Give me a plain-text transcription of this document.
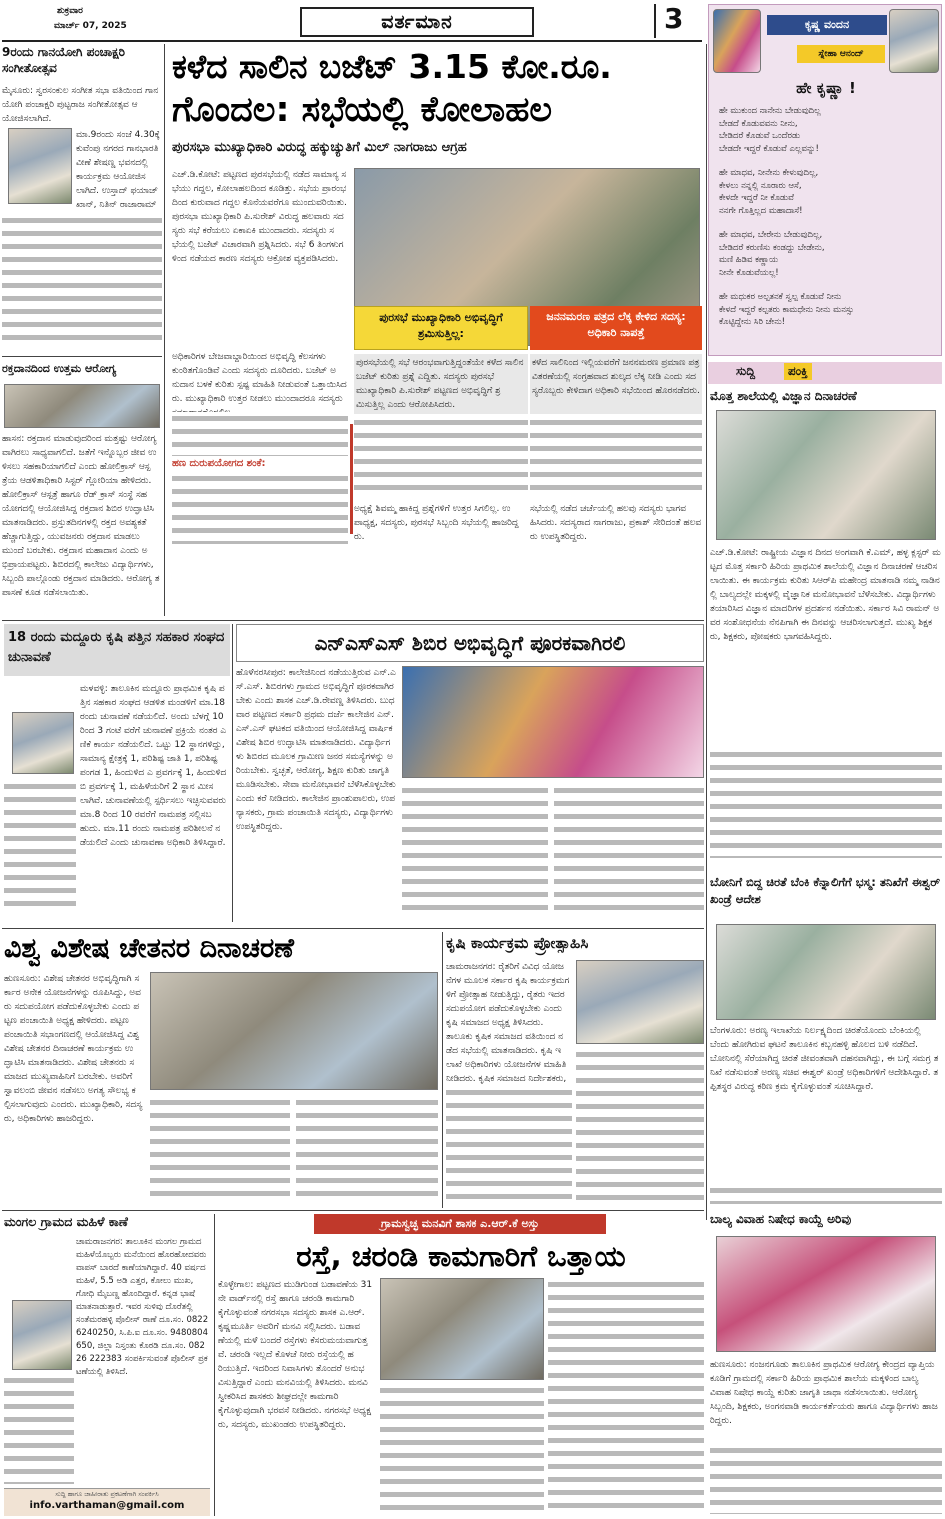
ಶುಕ್ರವಾರ
ಮಾರ್ಚ್ 07, 2025	ವರ್ತಮಾನ	3
9ರಂದು ಗಾನಯೋಗಿ ಪಂಚಾಕ್ಷರಿ ಸಂಗೀತೋತ್ಸವ
ಮೈಸೂರು: ಸ್ವರಸಂಕುಲ ಸಂಗೀತ ಸಭಾ ವತಿಯಿಂದ ಗಾನಯೋಗಿ ಪಂಚಾಕ್ಷರಿ ಪುಟ್ಟರಾಜ ಸಂಗೀತೋತ್ಸವ ಆಯೋಜಿಸಲಾಗಿದೆ.
ಮಾ.9ರಂದು ಸಂಜೆ 4.30ಕ್ಕೆ ಕುವೆಂಪು ನಗರದ ಗಾನಭಾರತಿ ವೀಣೆ ಶೇಷಣ್ಣ ಭವನದಲ್ಲಿ ಕಾರ್ಯಕ್ರಮ ಆಯೋಜಿಸಲಾಗಿದೆ. ಉಸ್ತಾದ್ ಫಯಾಜ್ ಖಾನ್, ನಿತಿನ್ ರಾಜಾರಾಮ್
ರಕ್ತದಾನದಿಂದ ಉತ್ತಮ ಆರೋಗ್ಯ
ಹಾಸನ: ರಕ್ತದಾನ ಮಾಡುವುದರಿಂದ ಮತ್ತಷ್ಟು ಆರೋಗ್ಯವಾಗಿರಲು ಸಾಧ್ಯವಾಗಲಿದೆ. ಜತೆಗೆ ಇನ್ನೊಬ್ಬರ ಜೀವ ಉಳಿಸಲು ಸಹಕಾರಿಯಾಗಲಿದೆ ಎಂದು ಹೋಲಿಕ್ರಾಸ್ ಆಸ್ಪತ್ರೆಯ ಆಡಳಿತಾಧಿಕಾರಿ ಸಿಸ್ಟರ್ ಗ್ಲೋರಿಯಾ ಹೇಳಿದರು. ಹೋಲಿಕ್ರಾಸ್ ಆಸ್ಪತ್ರೆ ಹಾಗೂ ರೆಡ್ ಕ್ರಾಸ್ ಸಂಸ್ಥೆ ಸಹಯೋಗದಲ್ಲಿ ಆಯೋಜಿಸಿದ್ದ ರಕ್ತದಾನ ಶಿಬಿರ ಉದ್ಘಾಟಿಸಿ ಮಾತನಾಡಿದರು. ಪ್ರಸ್ತುತದಿನಗಳಲ್ಲಿ ರಕ್ತದ ಅವಶ್ಯಕತೆ ಹೆಚ್ಚಾಗುತ್ತಿದ್ದು, ಯುವಜನರು ರಕ್ತದಾನ ಮಾಡಲು ಮುಂದೆ ಬರಬೇಕು. ರಕ್ತದಾನ ಮಹಾದಾನ ಎಂದು ಅಭಿಪ್ರಾಯಪಟ್ಟರು. ಶಿಬಿರದಲ್ಲಿ ಕಾಲೇಜು ವಿದ್ಯಾರ್ಥಿಗಳು, ಸಿಬ್ಬಂದಿ ಪಾಲ್ಗೊಂಡು ರಕ್ತದಾನ ಮಾಡಿದರು. ಆರೋಗ್ಯ ತಪಾಸಣೆ ಕೂಡ ನಡೆಸಲಾಯಿತು.
ಕಳೆದ ಸಾಲಿನ ಬಜೆಟ್ 3.15 ಕೋ.ರೂ.
ಗೊಂದಲ: ಸಭೆಯಲ್ಲಿ ಕೋಲಾಹಲ
ಪುರಸಭಾ ಮುಖ್ಯಾಧಿಕಾರಿ ವಿರುದ್ಧ ಹಕ್ಕುಚ್ಯುತಿಗೆ ಮಿಲ್ ನಾಗರಾಜು ಆಗ್ರಹ
ಎಚ್.ಡಿ.ಕೋಟೆ: ಪಟ್ಟಣದ ಪುರಸಭೆಯಲ್ಲಿ ನಡೆದ ಸಾಮಾನ್ಯ ಸಭೆಯು ಗದ್ದಲ, ಕೋಲಾಹಲದಿಂದ ಕೂಡಿತ್ತು. ಸಭೆಯ ಪ್ರಾರಂಭದಿಂದ ಕುರುವಾದ ಗದ್ದಲ ಕೊನೆಯವರೆಗೂ ಮುಂದುವರಿಯಿತು. ಪುರಸಭಾ ಮುಖ್ಯಾಧಿಕಾರಿ ಪಿ.ಸುರೇಶ್ ವಿರುದ್ಧ ಹಲವಾರು ಸದಸ್ಯರು ಸಭೆ ಕರೆಯಲು ಏಕಾಏಕಿ ಮುಂದಾದರು. ಸದಸ್ಯರು ಸಭೆಯಲ್ಲಿ ಬಜೆಟ್ ವಿಚಾರವಾಗಿ ಪ್ರಶ್ನಿಸಿದರು. ಸಭೆ 6 ತಿಂಗಳುಗಳಿಂದ ನಡೆಯದ ಕಾರಣ ಸದಸ್ಯರು ಆಕ್ರೋಶ ವ್ಯಕ್ತಪಡಿಸಿದರು.
ಅಧಿಕಾರಿಗಳ ಬೇಜವಾಬ್ದಾರಿಯಿಂದ ಅಭಿವೃದ್ಧಿ ಕೆಲಸಗಳು ಕುಂಠಿತಗೊಂಡಿವೆ ಎಂದು ಸದಸ್ಯರು ದೂರಿದರು. ಬಜೆಟ್ ಅನುದಾನ ಬಳಕೆ ಕುರಿತು ಸ್ಪಷ್ಟ ಮಾಹಿತಿ ನೀಡುವಂತೆ ಒತ್ತಾಯಿಸಿದರು. ಮುಖ್ಯಾಧಿಕಾರಿ ಉತ್ತರ ನೀಡಲು ಮುಂದಾದರೂ ಸದಸ್ಯರು
ಪುರಸಭೆ ಮುಖ್ಯಾಧಿಕಾರಿ ಅಭಿವೃದ್ಧಿಗೆ ಶ್ರಮಿಸುತ್ತಿಲ್ಲ:
ಜನನಮರಣ ಪತ್ರದ ಲೆಕ್ಕ ಕೇಳಿದ ಸದಸ್ಯ: ಅಧಿಕಾರಿ ನಾಪತ್ತೆ
ಹಣ ದುರುಪಯೋಗದ ಶಂಕೆ:
ಪುರಸಭೆಯಲ್ಲಿ ಸಭೆ ಆರಂಭವಾಗುತ್ತಿದ್ದಂತೆಯೇ ಕಳೆದ ಸಾಲಿನ ಬಜೆಟ್ ಕುರಿತು ಪ್ರಶ್ನೆ ಎದ್ದಿತು. ಸದಸ್ಯರು ಪುರಸಭೆ ಮುಖ್ಯಾಧಿಕಾರಿ ಪಿ.ಸುರೇಶ್ ಪಟ್ಟಣದ ಅಭಿವೃದ್ಧಿಗೆ ಶ್ರಮಿಸುತ್ತಿಲ್ಲ ಎಂದು ಆರೋಪಿಸಿದರು.
ಕಳೆದ ಸಾಲಿನಿಂದ ಇಲ್ಲಿಯವರೆಗೆ ಜನನಮರಣ ಪ್ರಮಾಣ ಪತ್ರ ವಿತರಣೆಯಲ್ಲಿ ಸಂಗ್ರಹವಾದ ಶುಲ್ಕದ ಲೆಕ್ಕ ನೀಡಿ ಎಂದು ಸದಸ್ಯರೊಬ್ಬರು ಕೇಳಿದಾಗ ಅಧಿಕಾರಿ ಸಭೆಯಿಂದ ಹೊರನಡೆದರು.
ಅಧ್ಯಕ್ಷೆ ಶಿವಮ್ಮ ಹಾಕಿದ್ದ ಪ್ರಶ್ನೆಗಳಿಗೆ ಉತ್ತರ ಸಿಗಲಿಲ್ಲ. ಉಪಾಧ್ಯಕ್ಷ, ಸದಸ್ಯರು, ಪುರಸಭೆ ಸಿಬ್ಬಂದಿ ಸಭೆಯಲ್ಲಿ ಹಾಜರಿದ್ದರು.
ಸಭೆಯಲ್ಲಿ ನಡೆದ ಚರ್ಚೆಯಲ್ಲಿ ಹಲವು ಸದಸ್ಯರು ಭಾಗವಹಿಸಿದರು. ಸದಸ್ಯರಾದ ನಾಗರಾಜು, ಪ್ರಕಾಶ್ ಸೇರಿದಂತೆ ಹಲವರು ಉಪಸ್ಥಿತರಿದ್ದರು.
ಕೃಷ್ಣ ವಂದನ
ಸ್ನೇಹಾ ಆನಂದ್
ಹೇ ಕೃಷ್ಣಾ !
ಹೇ ಮುಕುಂದ ನಾನೇನು ಬೇಡುವುದಿಲ್ಲ
ಬೇಡದೆ ಕೊಡುವವನು ನೀನು,
ಬೇಡಿದರೆ ಕೊಡುವೆ ಒಂದೆರಡು
ಬೇಡದೇ ಇದ್ದರೆ ಕೊಡುವೆ ಎಲ್ಲವನ್ನು!
ಹೇ ಮಾಧವ, ನೀನೇನು ಕೇಳುವುದಿಲ್ಲ,
ಕೇಳಲು ನನ್ನಲ್ಲಿ ನೂರಾರು ಆಸೆ,
ಕೇಳದೇ ಇದ್ದರೆ ನೀ ಕೊಡುವೆ
ನನಗೇ ಗೊತ್ತಿಲ್ಲದ ಮಹಾದಾಸೆ!
ಹೇ ಮಾಧವ, ಬೇರೇನು ಬೇಡುವುದಿಲ್ಲ,
ಬೇಡಿದರೆ ಕರುಣಿಸು ಕಂಡದ್ದು ಬೇಡೇನು,
ಮಣಿ ಹಿಡಿವ ಕಣ್ಣಾಯ
ನೀನೇ ಕೊಡುವೆಯಲ್ಲ!
ಹೇ ಮಧುಕರ ಅಲ್ಪತನಕೆ ಸ್ವಲ್ಪ ಕೊಡುವೆ ನೀನು
ಕೇಳದೆ ಇದ್ದರೆ ಕಲ್ಪತರು ಕಾಮಧೇನು ನೀನು ಮನಸ್ಸು
ಕೊಟ್ಟಿದ್ದೇನು ಸಿರಿ ಚೇನು!
ಸುದ್ದಿ	ಪಂಕ್ತಿ
ಮೊತ್ತ ಶಾಲೆಯಲ್ಲಿ ವಿಜ್ಞಾನ ದಿನಾಚರಣೆ
ಎಚ್.ಡಿ.ಕೋಟೆ: ರಾಷ್ಟ್ರೀಯ ವಿಜ್ಞಾನ ದಿನದ ಅಂಗವಾಗಿ ಕೆ.ಎಮ್, ಹಳ್ಳ ಕ್ಲಸ್ಟರ್ ಮಟ್ಟದ ಮೊತ್ತ ಸರ್ಕಾರಿ ಹಿರಿಯ ಪ್ರಾಥಮಿಕ ಶಾಲೆಯಲ್ಲಿ ವಿಜ್ಞಾನ ದಿನಾಚರಣೆ ಆಚರಿಸಲಾಯಿತು. ಈ ಕಾರ್ಯಕ್ರಮ ಕುರಿತು ಸಿಆರ್‌ಪಿ ಮಹೇಂದ್ರ ಮಾತನಾಡಿ ನಮ್ಮ ನಾಡಿನಲ್ಲಿ ಬಾಲ್ಯದಲ್ಲೇ ಮಕ್ಕಳಲ್ಲಿ ವೈಜ್ಞಾನಿಕ ಮನೋಭಾವನೆ ಬೆಳೆಸಬೇಕು. ವಿದ್ಯಾರ್ಥಿಗಳು ತಯಾರಿಸಿದ ವಿಜ್ಞಾನ ಮಾದರಿಗಳ ಪ್ರದರ್ಶನ ನಡೆಯಿತು. ಸರ್ಕಾರ ಸಿವಿ ರಾಮನ್ ಅವರ ಸಂಶೋಧನೆಯ ನೆನಪಿಗಾಗಿ ಈ ದಿನವನ್ನು ಆಚರಿಸಲಾಗುತ್ತದೆ. ಮುಖ್ಯ ಶಿಕ್ಷಕರು, ಶಿಕ್ಷಕರು, ಪೋಷಕರು ಭಾಗವಹಿಸಿದ್ದರು.
ಬೋನಿಗೆ ಬಿದ್ದ ಚಿರತೆ ಬೆಂಕಿ ಕೆನ್ನಾಲಿಗೆಗೆ ಭಸ್ಮ: ತನಿಖೆಗೆ ಈಶ್ವರ್ ಖಂಡ್ರೆ ಆದೇಶ
ಬೆಂಗಳೂರು: ಅರಣ್ಯ ಇಲಾಖೆಯ ನಿರ್ಲಕ್ಷ್ಯದಿಂದ ಚಿರತೆಯೊಂದು ಬೆಂಕಿಯಲ್ಲಿ ಬೆಂದು ಹೋಗಿರುವ ಘಟನೆ ತಾಲೂಕಿನ ಕಬ್ಬನಹಳ್ಳಿ ಹೊಲದ ಬಳಿ ನಡೆದಿದೆ. ಬೋನಿನಲ್ಲಿ ಸೆರೆಯಾಗಿದ್ದ ಚಿರತೆ ಜೀವಂತವಾಗಿ ದಹನವಾಗಿದ್ದು, ಈ ಬಗ್ಗೆ ಸಮಗ್ರ ತನಿಖೆ ನಡೆಸುವಂತೆ ಅರಣ್ಯ ಸಚಿವ ಈಶ್ವರ್ ಖಂಡ್ರೆ ಅಧಿಕಾರಿಗಳಿಗೆ ಆದೇಶಿಸಿದ್ದಾರೆ. ತಪ್ಪಿತಸ್ಥರ ವಿರುದ್ಧ ಕಠಿಣ ಕ್ರಮ ಕೈಗೊಳ್ಳುವಂತೆ ಸೂಚಿಸಿದ್ದಾರೆ.
ಬಾಲ್ಯ ವಿವಾಹ ನಿಷೇಧ ಕಾಯ್ದೆ ಅರಿವು
ಹುಣಸೂರು: ನಂಜನಗೂಡು ತಾಲೂಕಿನ ಪ್ರಾಥಮಿಕ ಆರೋಗ್ಯ ಕೇಂದ್ರದ ವ್ಯಾಪ್ತಿಯ ಕೂಡಿಗೆ ಗ್ರಾಮದಲ್ಲಿ ಸರ್ಕಾರಿ ಹಿರಿಯ ಪ್ರಾಥಮಿಕ ಶಾಲೆಯ ಮಕ್ಕಳಿಂದ ಬಾಲ್ಯ ವಿವಾಹ ನಿಷೇಧ ಕಾಯ್ದೆ ಕುರಿತು ಜಾಗೃತಿ ಜಾಥಾ ನಡೆಸಲಾಯಿತು. ಆರೋಗ್ಯ ಸಿಬ್ಬಂದಿ, ಶಿಕ್ಷಕರು, ಅಂಗನವಾಡಿ ಕಾರ್ಯಕರ್ತೆಯರು ಹಾಗೂ ವಿದ್ಯಾರ್ಥಿಗಳು ಹಾಜರಿದ್ದರು.
18 ರಂದು ಮದ್ದೂರು ಕೃಷಿ ಪತ್ತಿನ ಸಹಕಾರ ಸಂಘದ ಚುನಾವಣೆ
ಮಳವಳ್ಳಿ: ತಾಲೂಕಿನ ಮದ್ದೂರು ಪ್ರಾಥಮಿಕ ಕೃಷಿ ಪತ್ತಿನ ಸಹಕಾರ ಸಂಘದ ಆಡಳಿತ ಮಂಡಳಿಗೆ ಮಾ.18 ರಂದು ಚುನಾವಣೆ ನಡೆಯಲಿದೆ. ಅಂದು ಬೆಳಗ್ಗೆ 10 ರಿಂದ 3 ಗಂಟೆ ವರೆಗೆ ಚುನಾವಣೆ ಪ್ರಕ್ರಿಯೆ ನಂತರ ಎಣಿಕೆ ಕಾರ್ಯ ನಡೆಯಲಿದೆ. ಒಟ್ಟು 12 ಸ್ಥಾನಗಳಿದ್ದು, ಸಾಮಾನ್ಯ ಕ್ಷೇತ್ರಕ್ಕೆ 1, ಪರಿಶಿಷ್ಟ ಜಾತಿ 1, ಪರಿಶಿಷ್ಟ ಪಂಗಡ 1, ಹಿಂದುಳಿದ ಎ ಪ್ರವರ್ಗಕ್ಕೆ 1, ಹಿಂದುಳಿದ ಬಿ ಪ್ರವರ್ಗಕ್ಕೆ 1, ಮಹಿಳೆಯರಿಗೆ 2 ಸ್ಥಾನ ಮೀಸಲಾಗಿವೆ. ಚುನಾವಣೆಯಲ್ಲಿ ಸ್ಪರ್ಧಿಸಲು ಇಚ್ಛಿಸುವವರು ಮಾ.8 ರಿಂದ 10 ರವರೆಗೆ ನಾಮಪತ್ರ ಸಲ್ಲಿಸಬಹುದು. ಮಾ.11 ರಂದು ನಾಮಪತ್ರ ಪರಿಶೀಲನೆ ನಡೆಯಲಿದೆ ಎಂದು ಚುನಾವಣಾ ಅಧಿಕಾರಿ ತಿಳಿಸಿದ್ದಾರೆ.
ಎನ್‌ಎಸ್‌ಎಸ್ ಶಿಬಿರ ಅಭಿವೃದ್ಧಿಗೆ ಪೂರಕವಾಗಿರಲಿ
ಹೊಳೆನರಸೀಪುರ: ಕಾಲೇಜಿನಿಂದ ನಡೆಯುತ್ತಿರುವ ಎನ್.ಎಸ್.ಎಸ್. ಶಿಬಿರಗಳು ಗ್ರಾಮದ ಅಭಿವೃದ್ಧಿಗೆ ಪೂರಕವಾಗಿರಬೇಕು ಎಂದು ಶಾಸಕ ಎಚ್.ಡಿ.ರೇವಣ್ಣ ತಿಳಿಸಿದರು. ಬುಧವಾರ ಪಟ್ಟಣದ ಸರ್ಕಾರಿ ಪ್ರಥಮ ದರ್ಜೆ ಕಾಲೇಜಿನ ಎನ್.ಎಸ್.ಎಸ್ ಘಟಕದ ವತಿಯಿಂದ ಆಯೋಜಿಸಿದ್ದ ವಾರ್ಷಿಕ ವಿಶೇಷ ಶಿಬಿರ ಉದ್ಘಾಟಿಸಿ ಮಾತನಾಡಿದರು. ವಿದ್ಯಾರ್ಥಿಗಳು ಶಿಬಿರದ ಮೂಲಕ ಗ್ರಾಮೀಣ ಜನರ ಸಮಸ್ಯೆಗಳನ್ನು ಅರಿಯಬೇಕು. ಸ್ವಚ್ಛತೆ, ಆರೋಗ್ಯ, ಶಿಕ್ಷಣ ಕುರಿತು ಜಾಗೃತಿ ಮೂಡಿಸಬೇಕು. ಸೇವಾ ಮನೋಭಾವನೆ ಬೆಳೆಸಿಕೊಳ್ಳಬೇಕು ಎಂದು ಕರೆ ನೀಡಿದರು. ಕಾಲೇಜಿನ ಪ್ರಾಂಶುಪಾಲರು, ಉಪನ್ಯಾಸಕರು, ಗ್ರಾಮ ಪಂಚಾಯಿತಿ ಸದಸ್ಯರು, ವಿದ್ಯಾರ್ಥಿಗಳು ಉಪಸ್ಥಿತರಿದ್ದರು.
ವಿಶ್ವ ವಿಶೇಷ ಚೇತನರ ದಿನಾಚರಣೆ
ಹುಣಸೂರು: ವಿಶೇಷ ಚೇತನರ ಅಭಿವೃದ್ಧಿಗಾಗಿ ಸರ್ಕಾರ ಅನೇಕ ಯೋಜನೆಗಳನ್ನು ರೂಪಿಸಿದ್ದು, ಅವರು ಸದುಪಯೋಗ ಪಡೆದುಕೊಳ್ಳಬೇಕು ಎಂದು ಪಟ್ಟಣ ಪಂಚಾಯಿತಿ ಅಧ್ಯಕ್ಷ ಹೇಳಿದರು. ಪಟ್ಟಣ ಪಂಚಾಯಿತಿ ಸಭಾಂಗಣದಲ್ಲಿ ಆಯೋಜಿಸಿದ್ದ ವಿಶ್ವ ವಿಶೇಷ ಚೇತನರ ದಿನಾಚರಣೆ ಕಾರ್ಯಕ್ರಮ ಉದ್ಘಾಟಿಸಿ ಮಾತನಾಡಿದರು. ವಿಶೇಷ ಚೇತನರು ಸಮಾಜದ ಮುಖ್ಯವಾಹಿನಿಗೆ ಬರಬೇಕು. ಅವರಿಗೆ ಸ್ವಾವಲಂಬಿ ಜೀವನ ನಡೆಸಲು ಅಗತ್ಯ ಸೌಲಭ್ಯ ಕಲ್ಪಿಸಲಾಗುವುದು ಎಂದರು. ಮುಖ್ಯಾಧಿಕಾರಿ, ಸದಸ್ಯರು, ಅಧಿಕಾರಿಗಳು ಹಾಜರಿದ್ದರು.
ಕೃಷಿ ಕಾರ್ಯಕ್ರಮ ಪ್ರೋತ್ಸಾಹಿಸಿ
ಚಾಮರಾಜನಗರ: ರೈತರಿಗೆ ವಿವಿಧ ಯೋಜನೆಗಳ ಮೂಲಕ ಸರ್ಕಾರ ಕೃಷಿ ಕಾರ್ಯಕ್ರಮಗಳಿಗೆ ಪ್ರೋತ್ಸಾಹ ನೀಡುತ್ತಿದ್ದು, ರೈತರು ಇದರ ಸದುಪಯೋಗ ಪಡೆದುಕೊಳ್ಳಬೇಕು ಎಂದು ಕೃಷಿ ಸಮಾಜದ ಅಧ್ಯಕ್ಷ ತಿಳಿಸಿದರು. ತಾಲೂಕು ಕೃಷಿಕ ಸಮಾಜದ ವತಿಯಿಂದ ನಡೆದ ಸಭೆಯಲ್ಲಿ ಮಾತನಾಡಿದರು. ಕೃಷಿ ಇಲಾಖೆ ಅಧಿಕಾರಿಗಳು ಯೋಜನೆಗಳ ಮಾಹಿತಿ ನೀಡಿದರು. ಕೃಷಿಕ ಸಮಾಜದ ನಿರ್ದೇಶಕರು,
ಮಂಗಲ ಗ್ರಾಮದ ಮಹಿಳೆ ಕಾಣೆ
ಚಾಮರಾಜನಗರ: ತಾಲೂಕಿನ ಮಂಗಲ ಗ್ರಾಮದ ಮಹಿಳೆಯೊಬ್ಬರು ಮನೆಯಿಂದ ಹೊರಹೋದವರು ವಾಪಸ್ ಬಾರದೆ ಕಾಣೆಯಾಗಿದ್ದಾರೆ. 40 ವರ್ಷದ ಮಹಿಳೆ, 5.5 ಅಡಿ ಎತ್ತರ, ಕೋಲು ಮುಖ, ಗೋಧಿ ಮೈಬಣ್ಣ ಹೊಂದಿದ್ದಾರೆ. ಕನ್ನಡ ಭಾಷೆ ಮಾತನಾಡುತ್ತಾರೆ. ಇವರ ಸುಳಿವು ದೊರೆತಲ್ಲಿ ಸಂತೆಮರಹಳ್ಳಿ ಪೊಲೀಸ್ ಠಾಣೆ ದೂ.ಸಂ. 08226240250, ಸಿ.ಪಿ.ಐ ದೂ.ಸಂ. 9480804650, ಜಿಲ್ಲಾ ನಿಸ್ತಂತು ಕೊಠಡಿ ದೂ.ಸಂ. 08226 222383 ಸಂಪರ್ಕಿಸುವಂತೆ ಪೊಲೀಸ್ ಪ್ರಕಟಣೆಯಲ್ಲಿ ತಿಳಿಸಿದೆ.
ಸುದ್ದಿ ಹಾಗೂ ಜಾಹೀರಾತು ಪ್ರಕಟಣೆಗಾಗಿ ಸಂಪರ್ಕಿಸಿ
info.varthaman@gmail.com
ಗ್ರಾಮಸ್ವಚ್ಛ ಮನವಿಗೆ ಶಾಸಕ ಎ.ಆರ್.ಕೆ ಅಸ್ತು
ರಸ್ತೆ, ಚರಂಡಿ ಕಾಮಗಾರಿಗೆ ಒತ್ತಾಯ
ಕೊಳ್ಳೇಗಾಲ: ಪಟ್ಟಣದ ಮುಡಿಗುಂಡ ಬಡಾವಣೆಯ 31ನೇ ವಾರ್ಡ್‌ನಲ್ಲಿ ರಸ್ತೆ ಹಾಗೂ ಚರಂಡಿ ಕಾಮಗಾರಿ ಕೈಗೊಳ್ಳುವಂತೆ ನಗರಸಭಾ ಸದಸ್ಯರು ಶಾಸಕ ಎ.ಆರ್.ಕೃಷ್ಣಮೂರ್ತಿ ಅವರಿಗೆ ಮನವಿ ಸಲ್ಲಿಸಿದರು. ಬಡಾವಣೆಯಲ್ಲಿ ಮಳೆ ಬಂದರೆ ರಸ್ತೆಗಳು ಕೆಸರುಮಯವಾಗುತ್ತವೆ. ಚರಂಡಿ ಇಲ್ಲದೆ ಕೊಳಚೆ ನೀರು ರಸ್ತೆಯಲ್ಲಿ ಹರಿಯುತ್ತಿದೆ. ಇದರಿಂದ ನಿವಾಸಿಗಳು ತೊಂದರೆ ಅನುಭವಿಸುತ್ತಿದ್ದಾರೆ ಎಂದು ಮನವಿಯಲ್ಲಿ ತಿಳಿಸಿದರು. ಮನವಿ ಸ್ವೀಕರಿಸಿದ ಶಾಸಕರು ಶೀಘ್ರದಲ್ಲೇ ಕಾಮಗಾರಿ ಕೈಗೊಳ್ಳುವುದಾಗಿ ಭರವಸೆ ನೀಡಿದರು. ನಗರಸಭೆ ಅಧ್ಯಕ್ಷರು, ಸದಸ್ಯರು, ಮುಖಂಡರು ಉಪಸ್ಥಿತರಿದ್ದರು.
